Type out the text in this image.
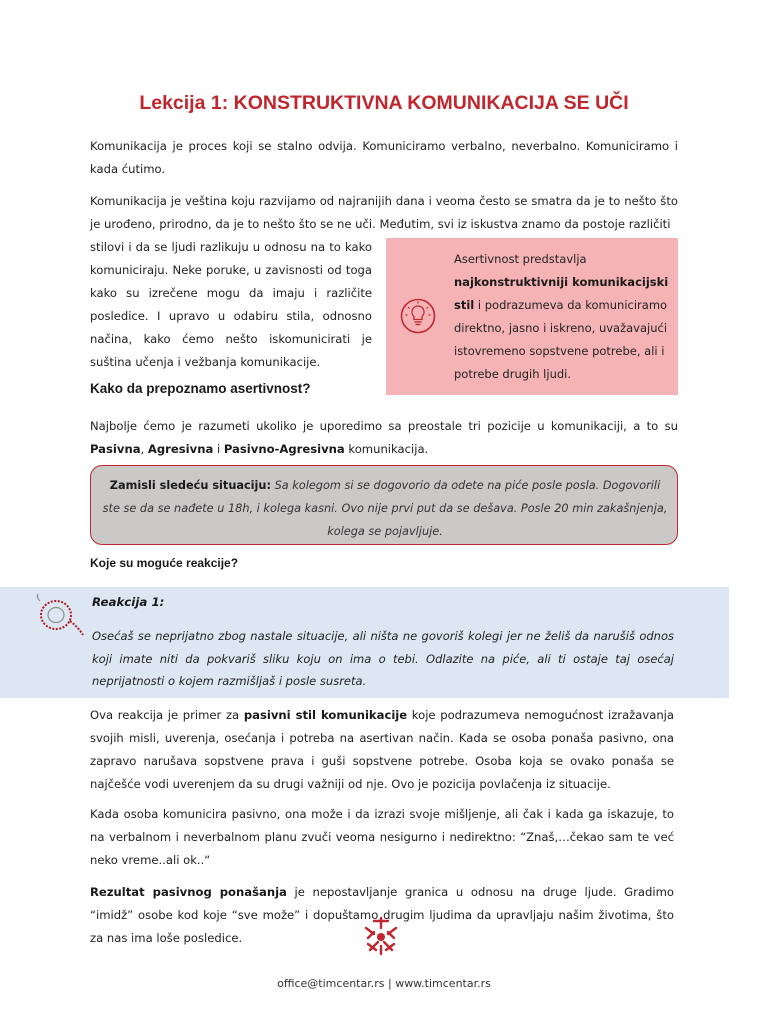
Lekcija 1: KONSTRUKTIVNA KOMUNIKACIJA SE UČI

Komunikacija je proces koji se stalno odvija. Komuniciramo verbalno, neverbalno. Komuniciramo i kada ćutimo.

Komunikacija je veština koju razvijamo od najranijih dana i veoma često se smatra da je to nešto što je urođeno, prirodno, da je to nešto što se ne uči. Međutim, svi iz iskustva znamo da postoje različiti

stilovi i da se ljudi razlikuju u odnosu na to kako komuniciraju. Neke poruke, u zavisnosti od toga kako su izrečene mogu da imaju i različite posledice. I upravo u odabiru stila, odnosno načina, kako ćemo nešto iskomunicirati je suština učenja i vežbanja komunikacije.

Asertivnost predstavlja najkonstruktivniji komunikacijski stil i podrazumeva da komuniciramo direktno, jasno i iskreno, uvažavajući istovremeno sopstvene potrebe, ali i potrebe drugih ljudi.
Kako da prepoznamo asertivnost?

Najbolje ćemo je razumeti ukoliko je uporedimo sa preostale tri pozicije u komunikaciji, a to su Pasivna, Agresivna i Pasivno-Agresivna komunikacija.

Zamisli sledeću situaciju: Sa kolegom si se dogovorio da odete na piće posle posla. Dogovorili ste se da se nađete u 18h, i kolega kasni. Ovo nije prvi put da se dešava. Posle 20 min zakašnjenja, kolega se pojavljuje.
Koje su moguće reakcije?
Reakcija 1:
Osećaš se neprijatno zbog nastale situacije, ali ništa ne govoriš kolegi jer ne želiš da narušiš odnos koji imate niti da pokvariš sliku koju on ima o tebi. Odlazite na piće, ali ti ostaje taj osećaj neprijatnosti o kojem razmišljaš i posle susreta.

Ova reakcija je primer za pasivni stil komunikacije koje podrazumeva nemogućnost izražavanja svojih misli, uverenja, osećanja i potreba na asertivan način. Kada se osoba ponaša pasivno, ona zapravo narušava sopstvene prava i guši sopstvene potrebe. Osoba koja se ovako ponaša se najčešće vodi uverenjem da su drugi važniji od nje. Ovo je pozicija povlačenja iz situacije.

Kada osoba komunicira pasivno, ona može i da izrazi svoje mišljenje, ali čak i kada ga iskazuje, to na verbalnom i neverbalnom planu zvuči veoma nesigurno i nedirektno: “Znaš,…čekao sam te već neko vreme..ali ok..“

Rezultat pasivnog ponašanja je nepostavljanje granica u odnosu na druge ljude. Gradimo “imidž” osobe kod koje “sve može” i dopuštamo drugim ljudima da upravljaju našim životima, što za nas ima loše posledice.

office@timcentar.rs | www.timcentar.rs
